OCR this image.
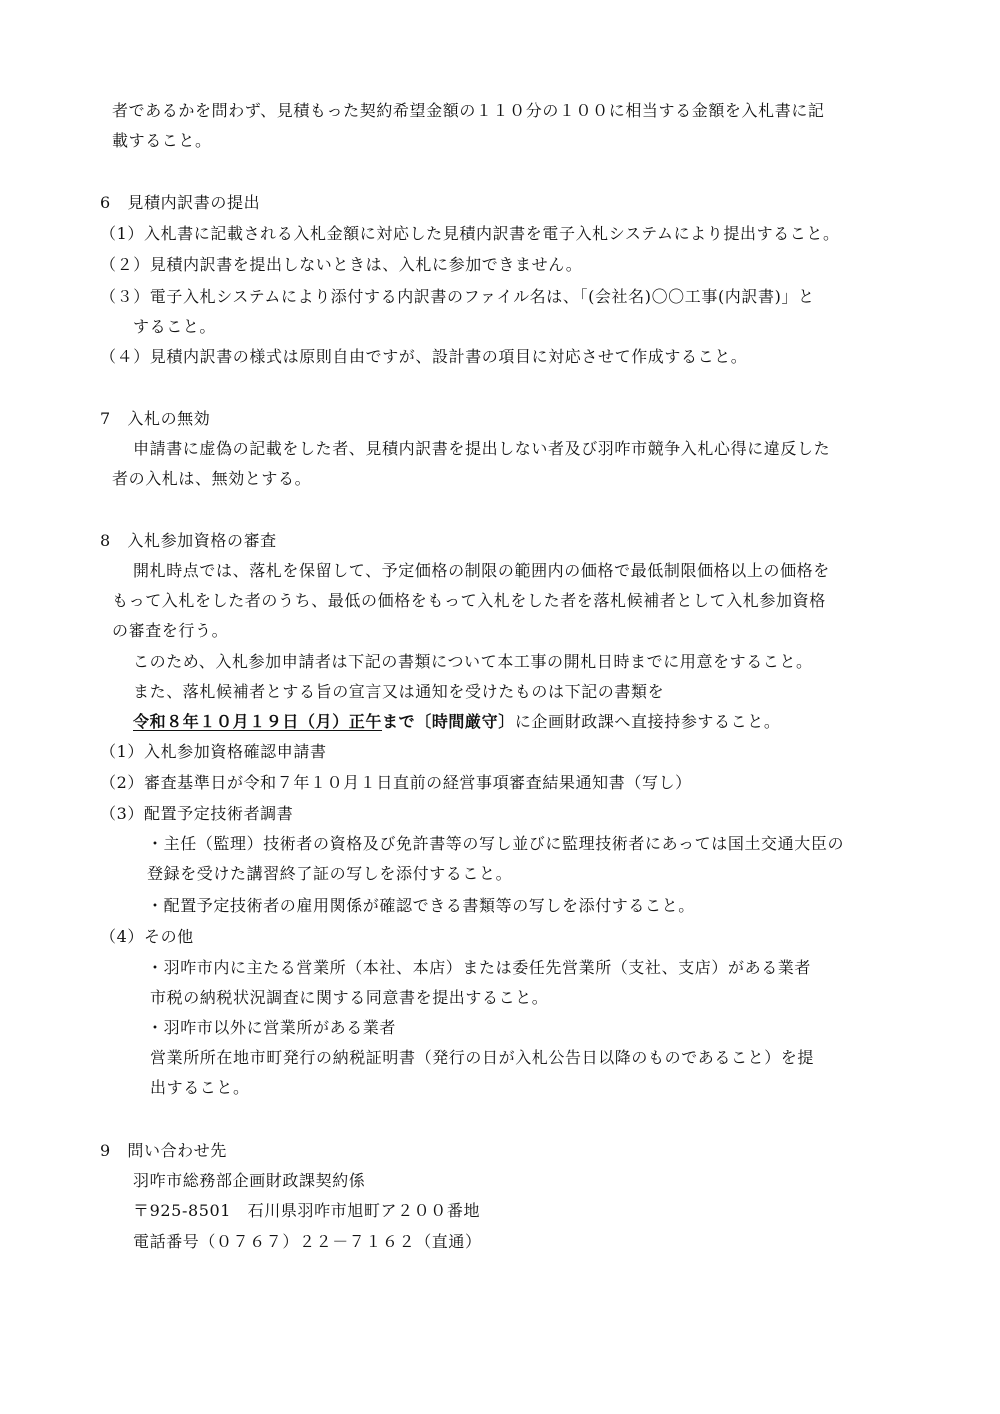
者であるかを問わず、見積もった契約希望金額の１１０分の１００に相当する金額を入札書に記
載すること。
6　見積内訳書の提出
（1）入札書に記載される入札金額に対応した見積内訳書を電子入札システムにより提出すること。
（２）見積内訳書を提出しないときは、入札に参加できません。
（３）電子入札システムにより添付する内訳書のファイル名は、「(会社名)〇〇工事(内訳書)」と
すること。
（４）見積内訳書の様式は原則自由ですが、設計書の項目に対応させて作成すること。
7　入札の無効
申請書に虚偽の記載をした者、見積内訳書を提出しない者及び羽咋市競争入札心得に違反した
者の入札は、無効とする。
8　入札参加資格の審査
開札時点では、落札を保留して、予定価格の制限の範囲内の価格で最低制限価格以上の価格を
もって入札をした者のうち、最低の価格をもって入札をした者を落札候補者として入札参加資格
の審査を行う。
このため、入札参加申請者は下記の書類について本工事の開札日時までに用意をすること。
また、落札候補者とする旨の宣言又は通知を受けたものは下記の書類を
令和８年１０月１９日（月）正午まで〔時間厳守〕に企画財政課へ直接持参すること。
（1）入札参加資格確認申請書
（2）審査基準日が令和７年１０月１日直前の経営事項審査結果通知書（写し）
（3）配置予定技術者調書
・主任（監理）技術者の資格及び免許書等の写し並びに監理技術者にあっては国土交通大臣の
登録を受けた講習終了証の写しを添付すること。
・配置予定技術者の雇用関係が確認できる書類等の写しを添付すること。
（4）その他
・羽咋市内に主たる営業所（本社、本店）または委任先営業所（支社、支店）がある業者
市税の納税状況調査に関する同意書を提出すること。
・羽咋市以外に営業所がある業者
営業所所在地市町発行の納税証明書（発行の日が入札公告日以降のものであること）を提
出すること。
9　問い合わせ先
羽咋市総務部企画財政課契約係
〒925-8501　石川県羽咋市旭町ア２００番地
電話番号（０７６７）２２－７１６２（直通）
